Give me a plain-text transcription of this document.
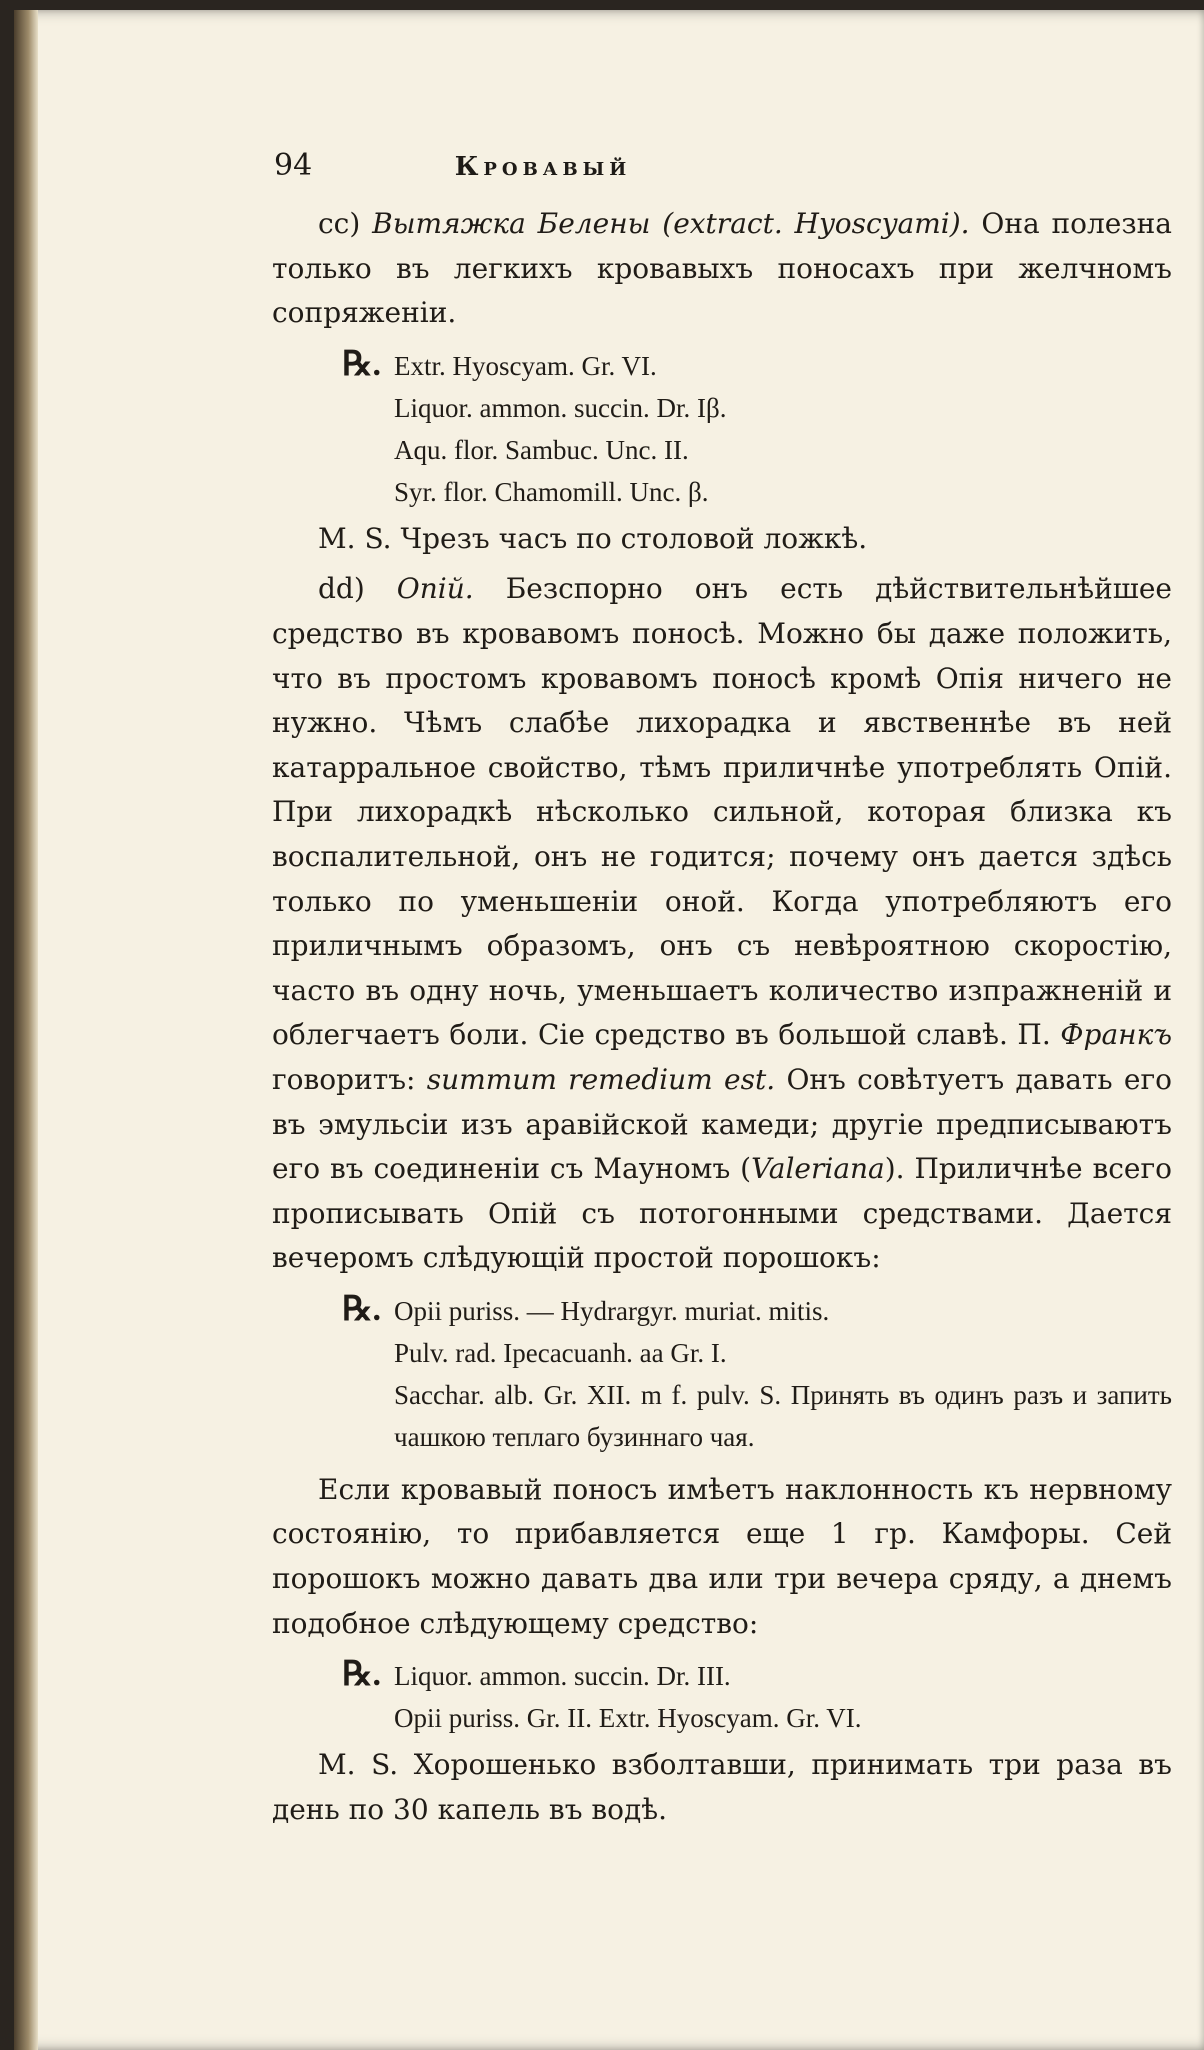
94	Кровавый

cc) Вытяжка Белены (extract. Hyoscyami). Она полезна только въ легкихъ кровавыхъ поносахъ при желчномъ сопряженіи.

℞. Extr. Hyoscyam. Gr. VI.
Liquor. ammon. succin. Dr. Iβ.
Aqu. flor. Sambuc. Unc. II.
Syr. flor. Chamomill. Unc. β.

M. S. Чрезъ часъ по столовой ложкѣ.

dd) Опій. Безспорно онъ есть дѣйствительнѣйшее средство въ кровавомъ поносѣ. Можно бы даже положить, что въ простомъ кровавомъ поносѣ кромѣ Опія ничего не нужно. Чѣмъ слабѣе лихорадка и явственнѣе въ ней катарральное свойство, тѣмъ приличнѣе употреблять Опій. При лихорадкѣ нѣсколько сильной, которая близка къ воспалительной, онъ не годится; почему онъ дается здѣсь только по уменьшеніи оной. Когда употребляютъ его приличнымъ образомъ, онъ съ невѣроятною скоростію, часто въ одну ночь, уменьшаетъ количество изпражненій и облегчаетъ боли. Сіе средство въ большой славѣ. П. Франкъ говоритъ: summum remedium est. Онъ совѣтуетъ давать его въ эмульсіи изъ аравійской камеди; другіе предписываютъ его въ соединеніи съ Мауномъ (Valeriana). Приличнѣе всего прописывать Опій съ потогонными средствами. Дается вечеромъ слѣдующій простой порошокъ:

℞. Opii puriss. — Hydrargyr. muriat. mitis.
Pulv. rad. Ipecacuanh. aa Gr. I.
Sacchar. alb. Gr. XII. m f. pulv. S. Принять въ одинъ разъ и запить чашкою теплаго бузиннаго чая.

Если кровавый поносъ имѣетъ наклонность къ нервному состоянію, то прибавляется еще 1 гр. Камфоры. Сей порошокъ можно давать два или три вечера сряду, а днемъ подобное слѣдующему средство:

℞. Liquor. ammon. succin. Dr. III.
Opii puriss. Gr. II. Extr. Hyoscyam. Gr. VI.

M. S. Хорошенько взболтавши, принимать три раза въ день по 30 капель въ водѣ.
